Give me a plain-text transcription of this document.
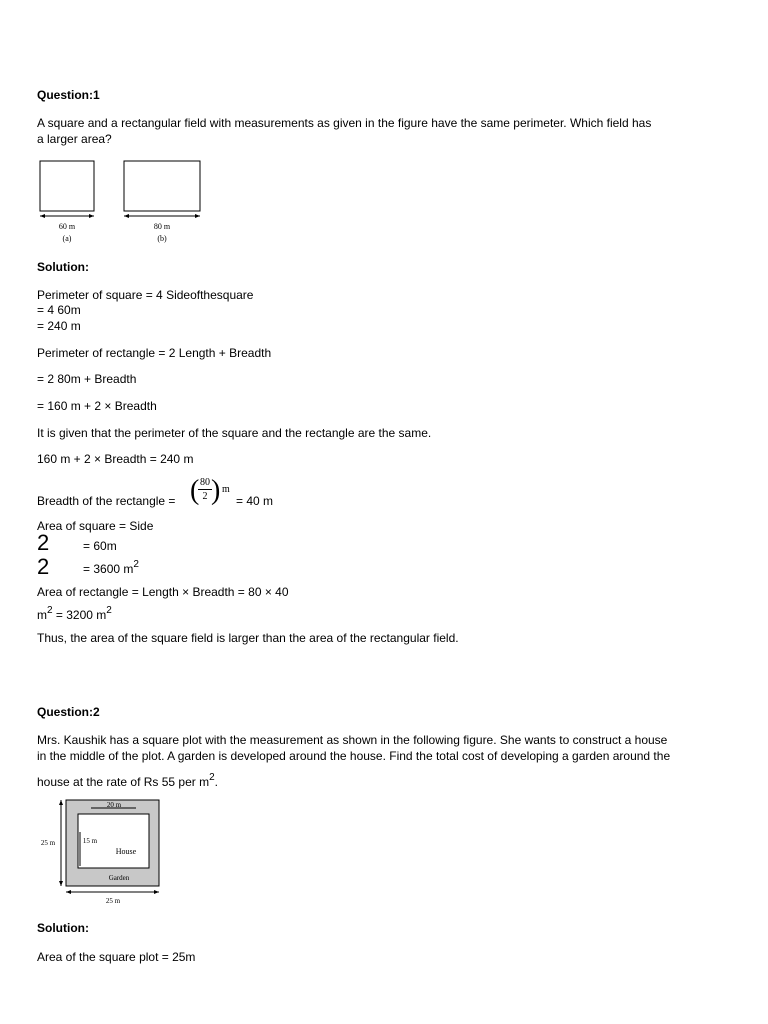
Question:1
A square and a rectangular field with measurements as given in the figure have the same perimeter. Which field has
a larger area?
60 m
(a)
80 m
(b)
Solution:
Perimeter of square = 4 Sideofthesquare
= 4 60m
= 240 m
Perimeter of rectangle = 2 Length + Breadth
= 2 80m + Breadth
= 160 m + 2 × Breadth
It is given that the perimeter of the square and the rectangle are the same.
160 m + 2 × Breadth = 240 m
Breadth of the rectangle = ( 80
2 ) m
= 40 m
Area of square = Side
2	= 60m
2	= 3600 $m^2$
Area of rectangle = Length × Breadth = 80 × 40
$m^2 = 3200$ $m^2$
Thus, the area of the square field is larger than the area of the rectangular field.
Question:2
Mrs. Kaushik has a square plot with the measurement as shown in the following figure. She wants to construct a house
in the middle of the plot. A garden is developed around the house. Find the total cost of developing a garden around the
house at the rate of Rs 55 per $m^2$.
20 m
25 m	15 m
House
Garden
25 m
Solution:
Area of the square plot = 25m
